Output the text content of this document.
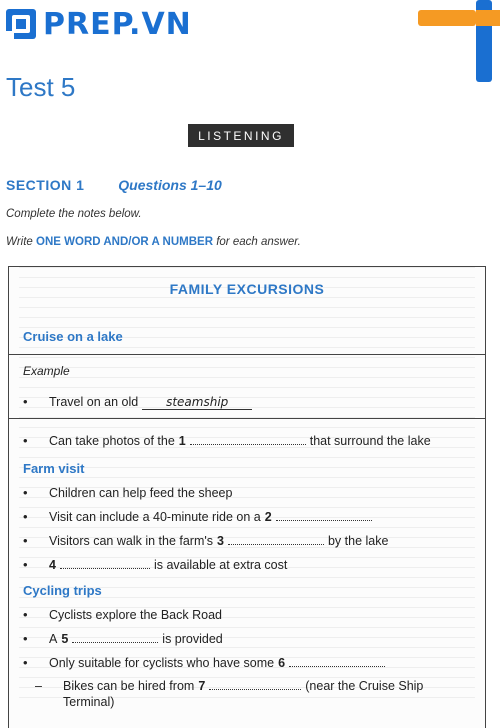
PREP.VN
Test 5
LISTENING
SECTION 1 Questions 1–10
Complete the notes below.
Write ONE WORD AND/OR A NUMBER for each answer.
FAMILY EXCURSIONS
Cruise on a lake
Example
•	Travel on an old	steamship
•	Can take photos of the 1	that surround the lake
Farm visit
•	Children can help feed the sheep
•	Visit can include a 40-minute ride on a 2
•	Visitors can walk in the farm's 3	by the lake
•	4	is available at extra cost
Cycling trips
•	Cyclists explore the Back Road
•	A 5	is provided
•	Only suitable for cyclists who have some 6
–	Bikes can be hired from 7	(near the Cruise Ship
Terminal)
